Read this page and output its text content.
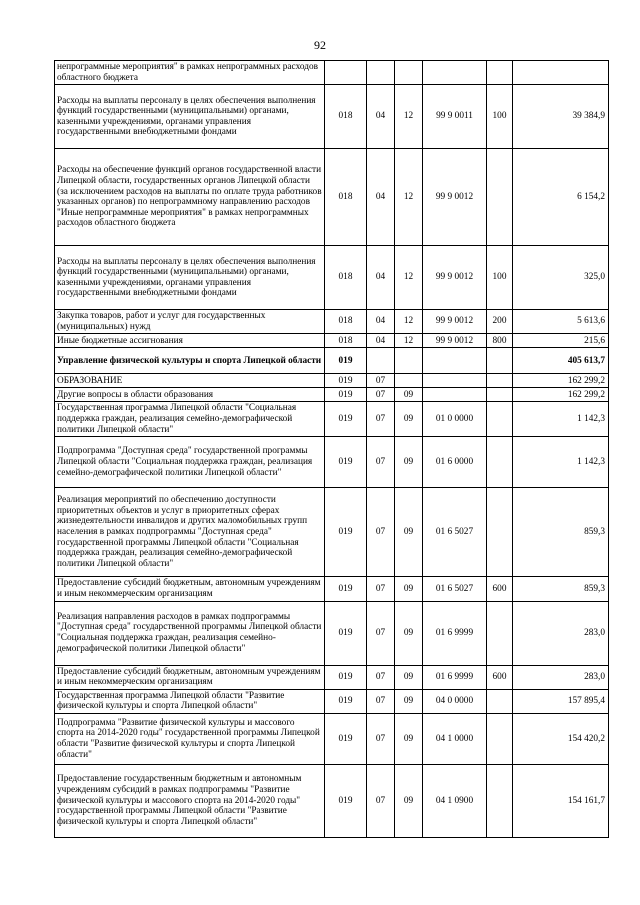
92
непрограммные мероприятия" в рамках непрограммных расходов областного бюджета						
Расходы на выплаты персоналу в целях обеспечения выполнения функций государственными (муниципальными) органами, казенными учреждениями, органами управления государственными внебюджетными фондами	018	04	12	99 9 0011	100	39 384,9
Расходы на обеспечение функций органов государственной власти Липецкой области, государственных органов Липецкой области (за исключением расходов на выплаты по оплате труда работников указанных органов) по непрограммному направлению расходов "Иные непрограммные мероприятия" в рамках непрограммных расходов областного бюджета	018	04	12	99 9 0012		6 154,2
Расходы на выплаты персоналу в целях обеспечения выполнения функций государственными (муниципальными) органами, казенными учреждениями, органами управления государственными внебюджетными фондами	018	04	12	99 9 0012	100	325,0
Закупка товаров, работ и услуг для государственных (муниципальных) нужд	018	04	12	99 9 0012	200	5 613,6
Иные бюджетные ассигнования	018	04	12	99 9 0012	800	215,6
Управление физической культуры и спорта Липецкой области	019					405 613,7
ОБРАЗОВАНИЕ	019	07				162 299,2
Другие вопросы в области образования	019	07	09			162 299,2
Государственная программа Липецкой области "Социальная поддержка граждан, реализация семейно-демографической политики Липецкой области"	019	07	09	01 0 0000		1 142,3
Подпрограмма "Доступная среда" государственной программы Липецкой области "Социальная поддержка граждан, реализация семейно-демографической политики Липецкой области"	019	07	09	01 6 0000		1 142,3
Реализация мероприятий по обеспечению доступности приоритетных объектов и услуг в приоритетных сферах жизнедеятельности инвалидов и других маломобильных групп населения в рамках подпрограммы "Доступная среда" государственной программы Липецкой области "Социальная поддержка граждан, реализация семейно-демографической политики Липецкой области"	019	07	09	01 6 5027		859,3
Предоставление субсидий бюджетным, автономным учреждениям и иным некоммерческим организациям	019	07	09	01 6 5027	600	859,3
Реализация направления расходов в рамках подпрограммы "Доступная среда" государственной программы Липецкой области "Социальная поддержка граждан, реализация семейно-демографической политики Липецкой области"	019	07	09	01 6 9999		283,0
Предоставление субсидий бюджетным, автономным учреждениям и иным некоммерческим организациям	019	07	09	01 6 9999	600	283,0
Государственная программа Липецкой области "Развитие физической культуры и спорта Липецкой области"	019	07	09	04 0 0000		157 895,4
Подпрограмма "Развитие физической культуры и массового спорта на 2014-2020 годы" государственной программы Липецкой области "Развитие физической культуры и спорта Липецкой области"	019	07	09	04 1 0000		154 420,2
Предоставление государственным бюджетным и автономным учреждениям субсидий в рамках подпрограммы "Развитие физической культуры и массового спорта на 2014-2020 годы" государственной программы Липецкой области "Развитие физической культуры и спорта Липецкой области"	019	07	09	04 1 0900		154 161,7
